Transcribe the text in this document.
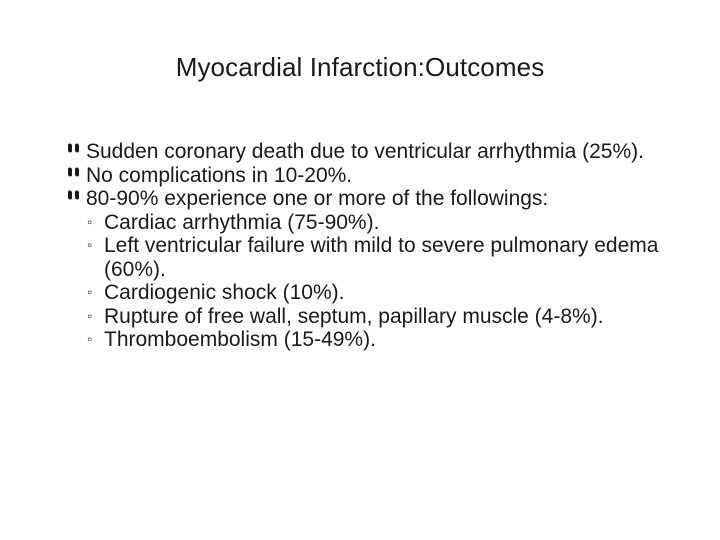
Myocardial Infarction:Outcomes
Sudden coronary death due to ventricular arrhythmia (25%).
No complications in 10-20%.
80-90% experience one or more of the followings:
◦ Cardiac arrhythmia (75-90%).
◦ Left ventricular failure with mild to severe pulmonary edema (60%).
◦ Cardiogenic shock (10%).
◦ Rupture of free wall, septum, papillary muscle (4-8%).
◦ Thromboembolism (15-49%).
